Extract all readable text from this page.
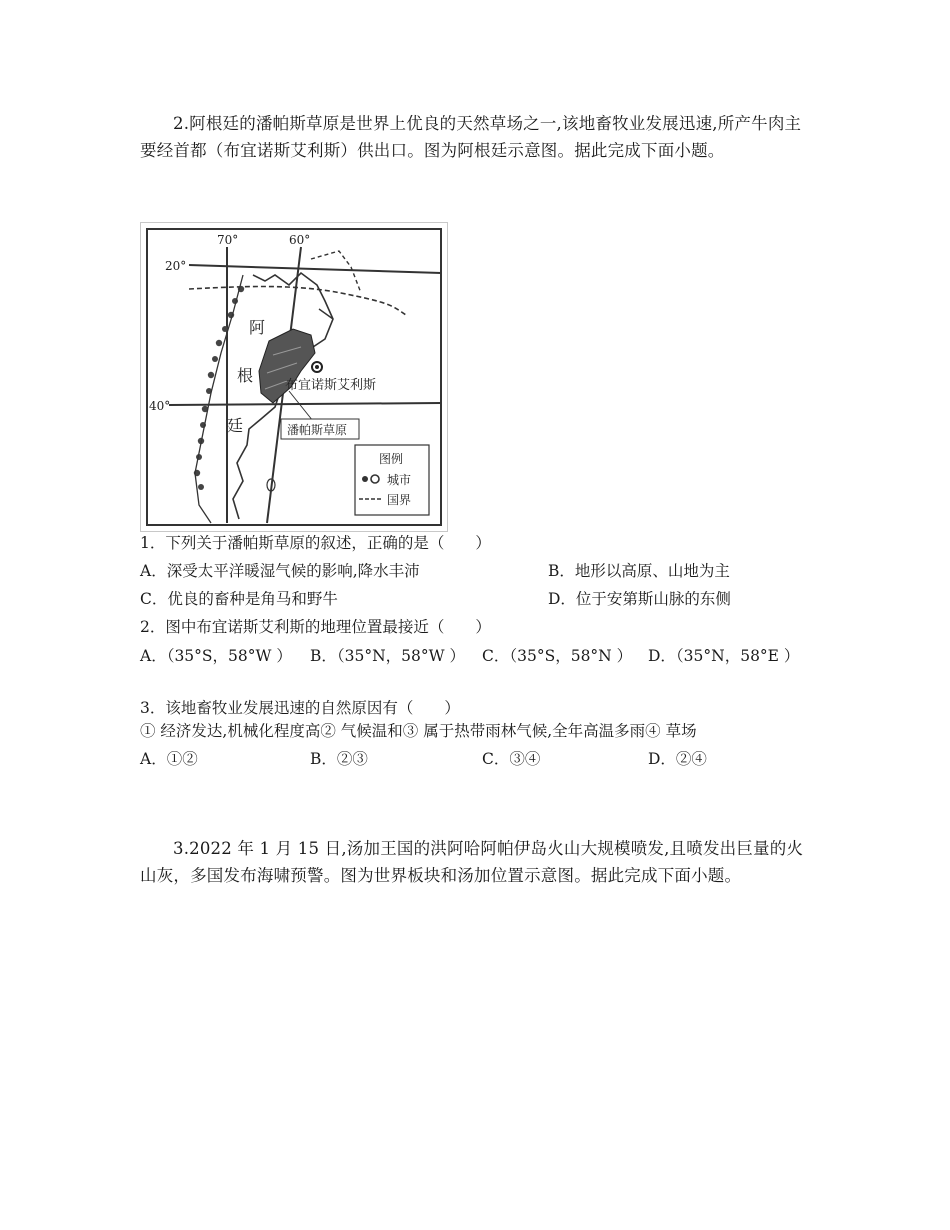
2.阿根廷的潘帕斯草原是世界上优良的天然草场之一,该地畜牧业发展迅速,所产牛肉主要经首都（布宜诺斯艾利斯）供出口。图为阿根廷示意图。据此完成下面小题。

70°	60°
20°
40°
阿
根
廷
布宜诺斯艾利斯
潘帕斯草原
图例
城市
国界
1．下列关于潘帕斯草原的叙述，正确的是（　　）
A．深受太平洋暖湿气候的影响,降水丰沛	B．地形以高原、山地为主
C．优良的畜种是角马和野牛	D．位于安第斯山脉的东侧
2．图中布宜诺斯艾利斯的地理位置最接近（　　）
A．（35°S，58°W ） B．（35°N，58°W ） C．（35°S，58°N ） D．（35°N，58°E ）
3．该地畜牧业发展迅速的自然原因有（　　）
① 经济发达,机械化程度高② 气候温和③ 属于热带雨林气候,全年高温多雨④ 草场
A．①②	B．②③	C．③④	D．②④

3.2022 年 1 月 15 日,汤加王国的洪阿哈阿帕伊岛火山大规模喷发,且喷发出巨量的火山灰，多国发布海啸预警。图为世界板块和汤加位置示意图。据此完成下面小题。
